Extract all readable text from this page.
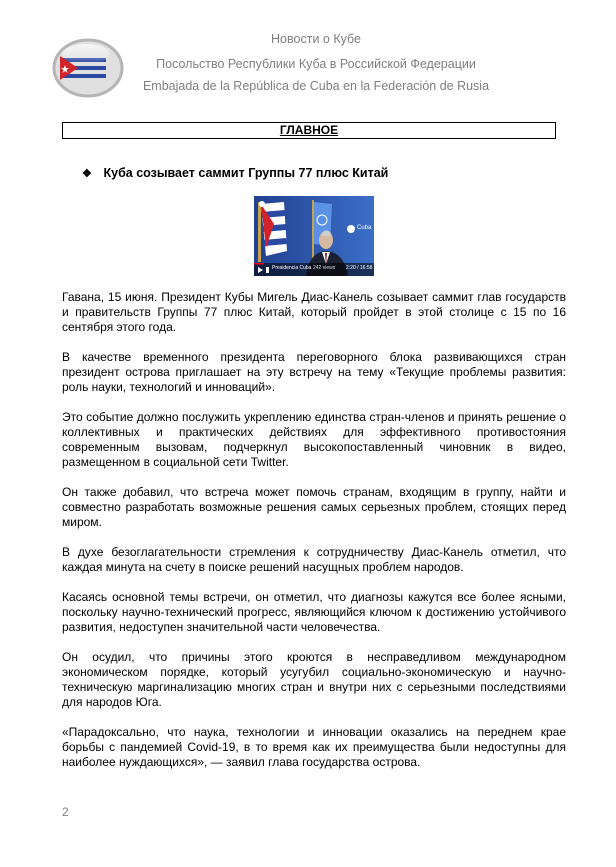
Новости о Кубе
Посольство Республики Куба в Российской Федерации
Embajada de la República de Cuba en la Federación de Rusia
ГЛАВНОЕ
❖ Куба созывает саммит Группы 77 плюс Китай
Cuba
Presidencia Cuba 242 views 2:20 / 16:58

Гавана, 15 июня. Президент Кубы Мигель Диас-Канель созывает саммит глав государств и правительств Группы 77 плюс Китай, который пройдет в этой столице с 15 по 16 сентября этого года.

В качестве временного президента переговорного блока развивающихся стран президент острова приглашает на эту встречу на тему «Текущие проблемы развития: роль науки, технологий и инноваций».

Это событие должно послужить укреплению единства стран-членов и принять решение о коллективных и практических действиях для эффективного противостояния современным вызовам, подчеркнул высокопоставленный чиновник в видео, размещенном в социальной сети Twitter.

Он также добавил, что встреча может помочь странам, входящим в группу, найти и совместно разработать возможные решения самых серьезных проблем, стоящих перед миром.

В духе безоглагательности стремления к сотрудничеству Диас-Канель отметил, что каждая минута на счету в поиске решений насущных проблем народов.

Касаясь основной темы встречи, он отметил, что диагнозы кажутся все более ясными, поскольку научно-технический прогресс, являющийся ключом к достижению устойчивого развития, недоступен значительной части человечества.

Он осудил, что причины этого кроются в несправедливом международном экономическом порядке, который усугубил социально-экономическую и научно-техническую маргинализацию многих стран и внутри них с серьезными последствиями для народов Юга.

«Парадоксально, что наука, технологии и инновации оказались на переднем крае борьбы с пандемией Covid-19, в то время как их преимущества были недоступны для наиболее нуждающихся», — заявил глава государства острова.

2
